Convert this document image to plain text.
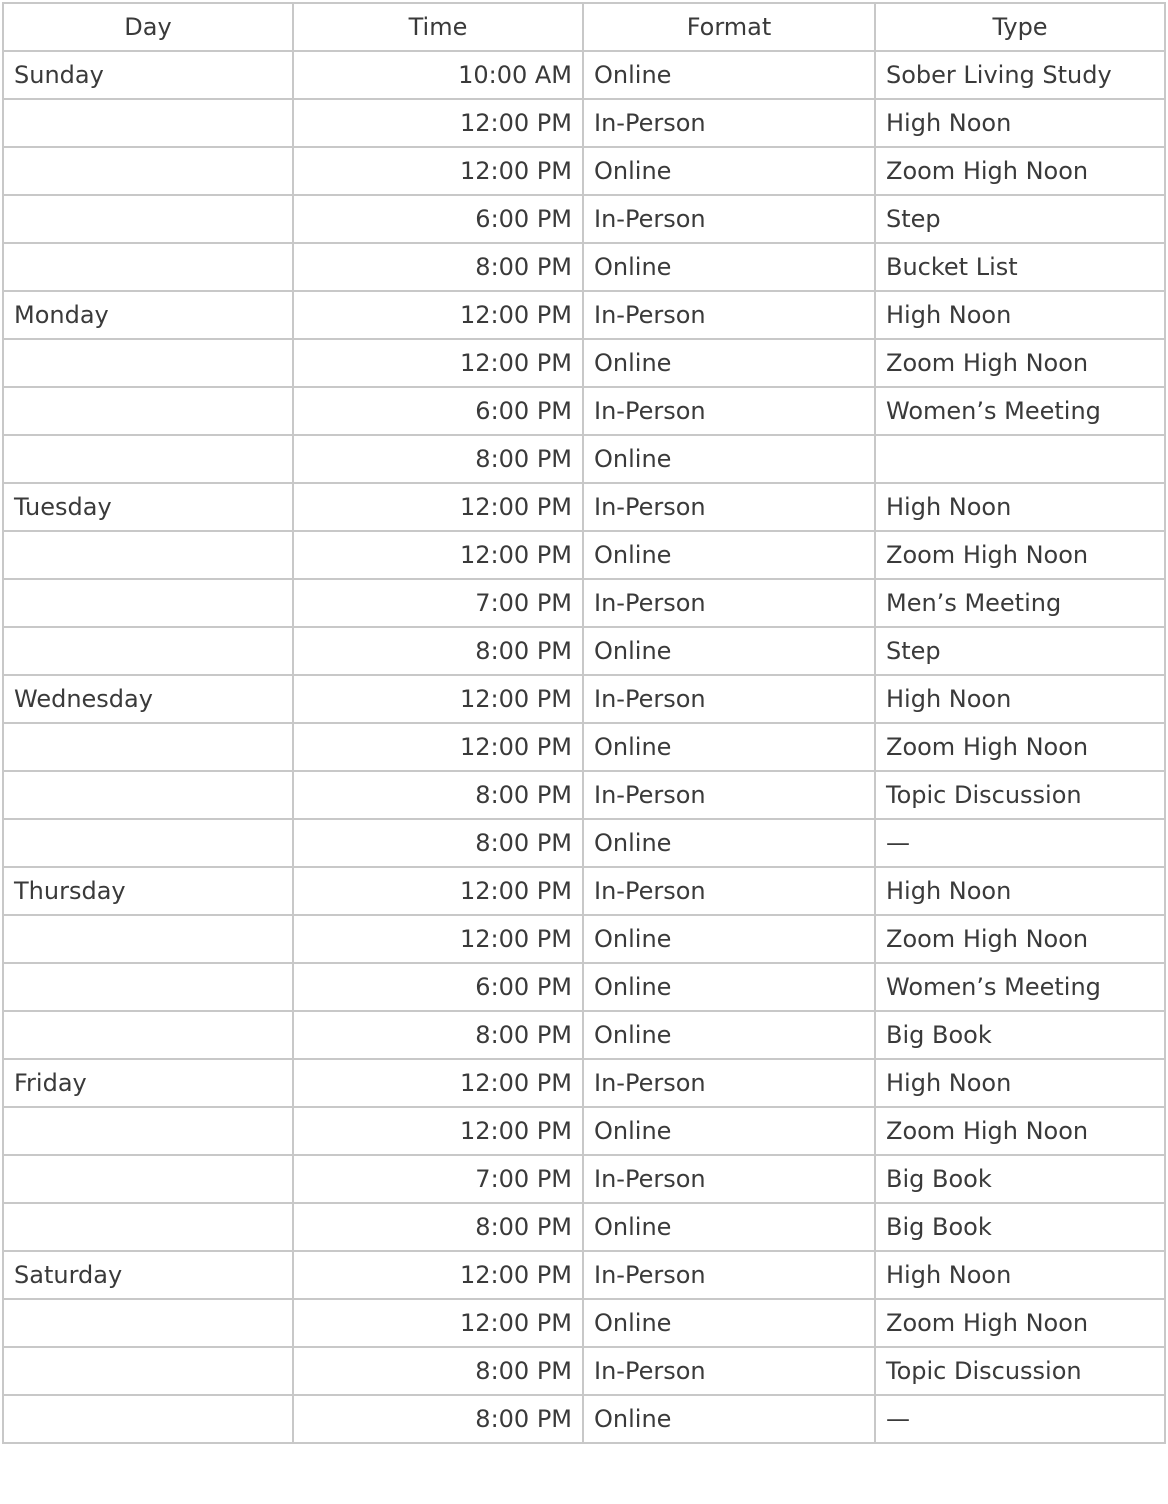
Day	Time	Format	Type
Sunday	10:00 AM	Online	Sober Living Study
	12:00 PM	In-Person	High Noon
	12:00 PM	Online	Zoom High Noon
	6:00 PM	In-Person	Step
	8:00 PM	Online	Bucket List
Monday	12:00 PM	In-Person	High Noon
	12:00 PM	Online	Zoom High Noon
	6:00 PM	In-Person	Women’s Meeting
	8:00 PM	Online	
Tuesday	12:00 PM	In-Person	High Noon
	12:00 PM	Online	Zoom High Noon
	7:00 PM	In-Person	Men’s Meeting
	8:00 PM	Online	Step
Wednesday	12:00 PM	In-Person	High Noon
	12:00 PM	Online	Zoom High Noon
	8:00 PM	In-Person	Topic Discussion
	8:00 PM	Online	—
Thursday	12:00 PM	In-Person	High Noon
	12:00 PM	Online	Zoom High Noon
	6:00 PM	Online	Women’s Meeting
	8:00 PM	Online	Big Book
Friday	12:00 PM	In-Person	High Noon
	12:00 PM	Online	Zoom High Noon
	7:00 PM	In-Person	Big Book
	8:00 PM	Online	Big Book
Saturday	12:00 PM	In-Person	High Noon
	12:00 PM	Online	Zoom High Noon
	8:00 PM	In-Person	Topic Discussion
	8:00 PM	Online	—
